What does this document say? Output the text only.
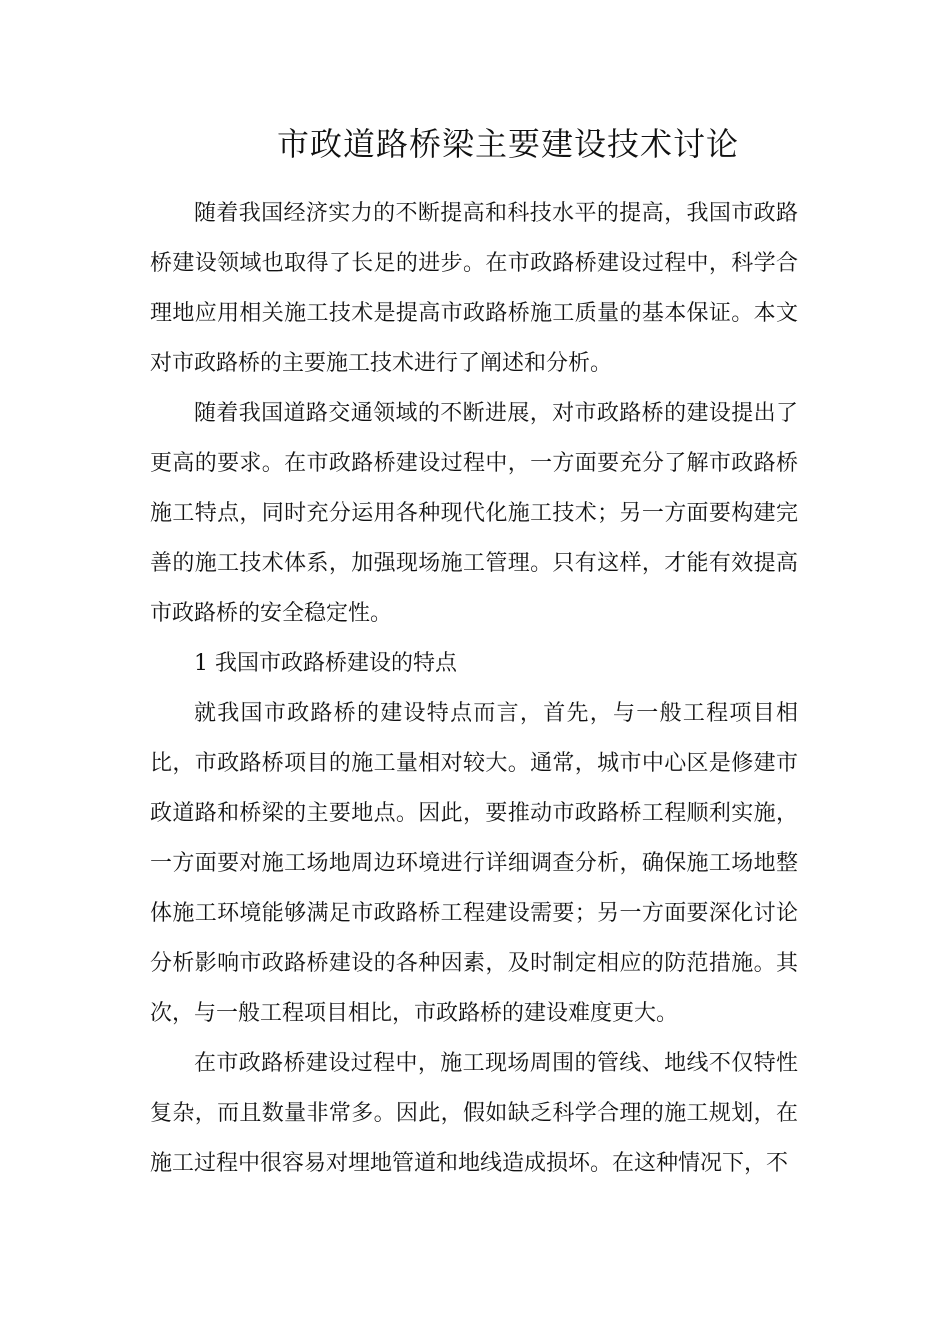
市政道路桥梁主要建设技术讨论

随着我国经济实力的不断提高和科技水平的提高，我国市政路桥建设领域也取得了长足的进步。在市政路桥建设过程中，科学合理地应用相关施工技术是提高市政路桥施工质量的基本保证。本文对市政路桥的主要施工技术进行了阐述和分析。

随着我国道路交通领域的不断进展，对市政路桥的建设提出了更高的要求。在市政路桥建设过程中，一方面要充分了解市政路桥施工特点，同时充分运用各种现代化施工技术；另一方面要构建完善的施工技术体系，加强现场施工管理。只有这样，才能有效提高市政路桥的安全稳定性。

1 我国市政路桥建设的特点

就我国市政路桥的建设特点而言，首先，与一般工程项目相比，市政路桥项目的施工量相对较大。通常，城市中心区是修建市政道路和桥梁的主要地点。因此，要推动市政路桥工程顺利实施，一方面要对施工场地周边环境进行详细调查分析，确保施工场地整体施工环境能够满足市政路桥工程建设需要；另一方面要深化讨论分析影响市政路桥建设的各种因素，及时制定相应的防范措施。其次，与一般工程项目相比，市政路桥的建设难度更大。

在市政路桥建设过程中，施工现场周围的管线、地线不仅特性复杂，而且数量非常多。因此，假如缺乏科学合理的施工规划，在施工过程中很容易对埋地管道和地线造成损坏。在这种情况下，不
